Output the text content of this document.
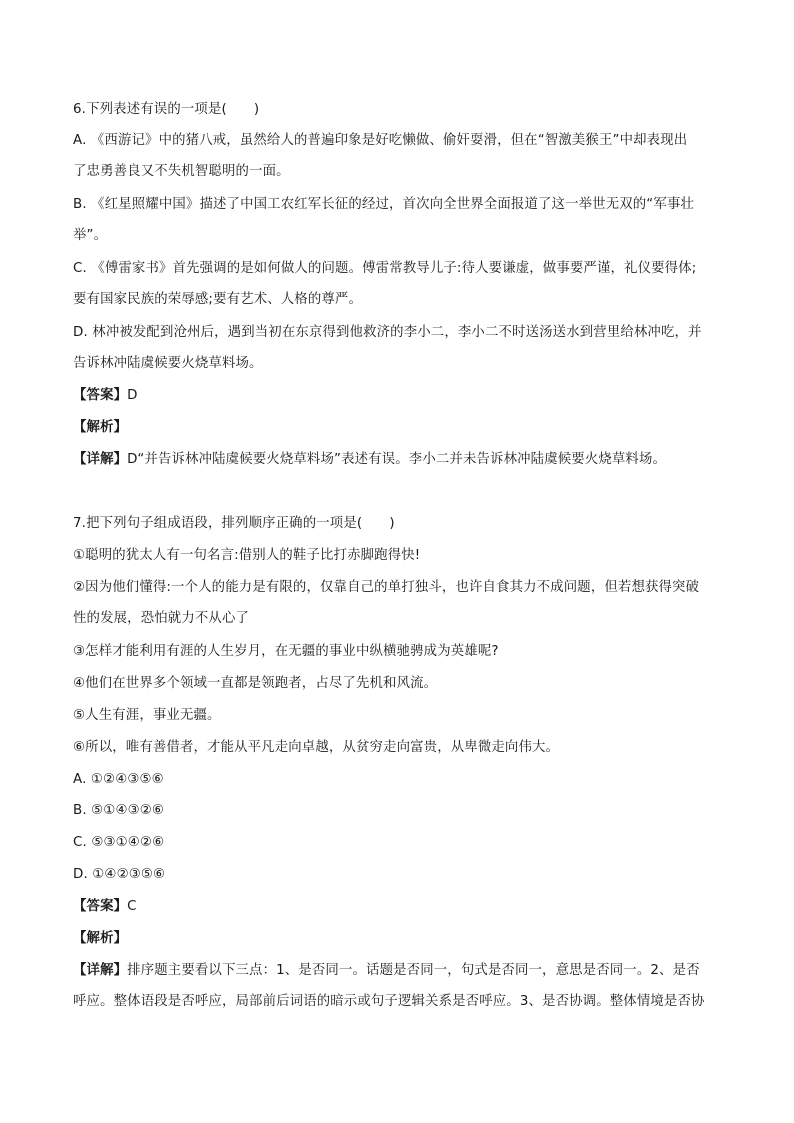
6.下列表述有误的一项是(　　)
A. 《西游记》中的猪八戒，虽然给人的普遍印象是好吃懒做、偷奸耍滑，但在“智激美猴王”中却表现出
了忠勇善良又不失机智聪明的一面。
B. 《红星照耀中国》描述了中国工农红军长征的经过，首次向全世界全面报道了这一举世无双的“军事壮
举”。
C. 《傅雷家书》首先强调的是如何做人的问题。傅雷常教导儿子:待人要谦虚，做事要严谨，礼仪要得体;
要有国家民族的荣辱感;要有艺术、人格的尊严。
D. 林冲被发配到沧州后，遇到当初在东京得到他救济的李小二，李小二不时送汤送水到营里给林冲吃，并
告诉林冲陆虞候要火烧草料场。
【答案】D
【解析】
【详解】D“并告诉林冲陆虞候要火烧草料场”表述有误。李小二并未告诉林冲陆虞候要火烧草料场。
7.把下列句子组成语段，排列顺序正确的一项是(　　)
①聪明的犹太人有一句名言:借别人的鞋子比打赤脚跑得快!
②因为他们懂得:一个人的能力是有限的，仅靠自己的单打独斗，也许自食其力不成问题，但若想获得突破
性的发展，恐怕就力不从心了
③怎样才能利用有涯的人生岁月，在无疆的事业中纵横驰骋成为英雄呢?
④他们在世界多个领域一直都是领跑者，占尽了先机和风流。
⑤人生有涯，事业无疆。
⑥所以，唯有善借者，才能从平凡走向卓越，从贫穷走向富贵，从卑微走向伟大。
A. ①②④③⑤⑥
B. ⑤①④③②⑥
C. ⑤③①④②⑥
D. ①④②③⑤⑥
【答案】C
【解析】
【详解】排序题主要看以下三点：1、是否同一。话题是否同一，句式是否同一，意思是否同一。2、是否
呼应。整体语段是否呼应，局部前后词语的暗示或句子逻辑关系是否呼应。3、是否协调。整体情境是否协
